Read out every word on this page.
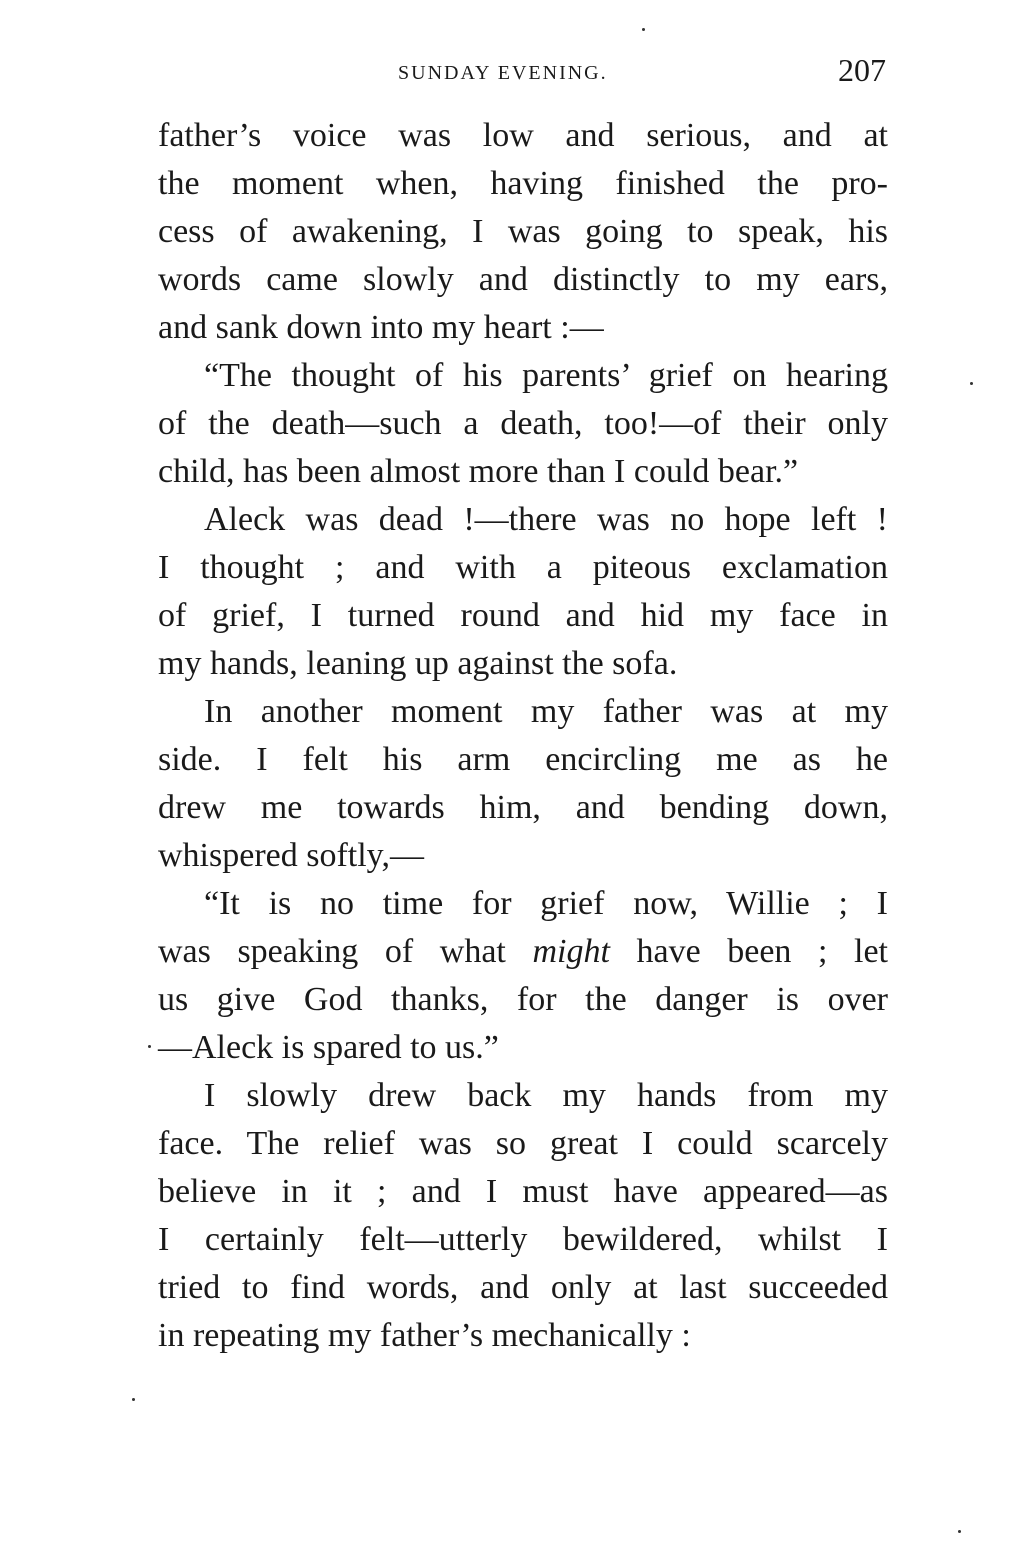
SUNDAY EVENING.	207
father’s voice was low and serious, and at
the moment when, having finished the pro-
cess of awakening, I was going to speak, his
words came slowly and distinctly to my ears,
and sank down into my heart :—
“The thought of his parents’ grief on hearing
of the death—such a death, too!—of their only
child, has been almost more than I could bear.”
Aleck was dead !—there was no hope left !
I thought ; and with a piteous exclamation
of grief, I turned round and hid my face in
my hands, leaning up against the sofa.
In another moment my father was at my
side. I felt his arm encircling me as he
drew me towards him, and bending down,
whispered softly,—
“It is no time for grief now, Willie ; I
was speaking of what might have been ; let
us give God thanks, for the danger is over
—Aleck is spared to us.”
I slowly drew back my hands from my
face. The relief was so great I could scarcely
believe in it ; and I must have appeared—as
I certainly felt—utterly bewildered, whilst I
tried to find words, and only at last succeeded
in repeating my father’s mechanically :
